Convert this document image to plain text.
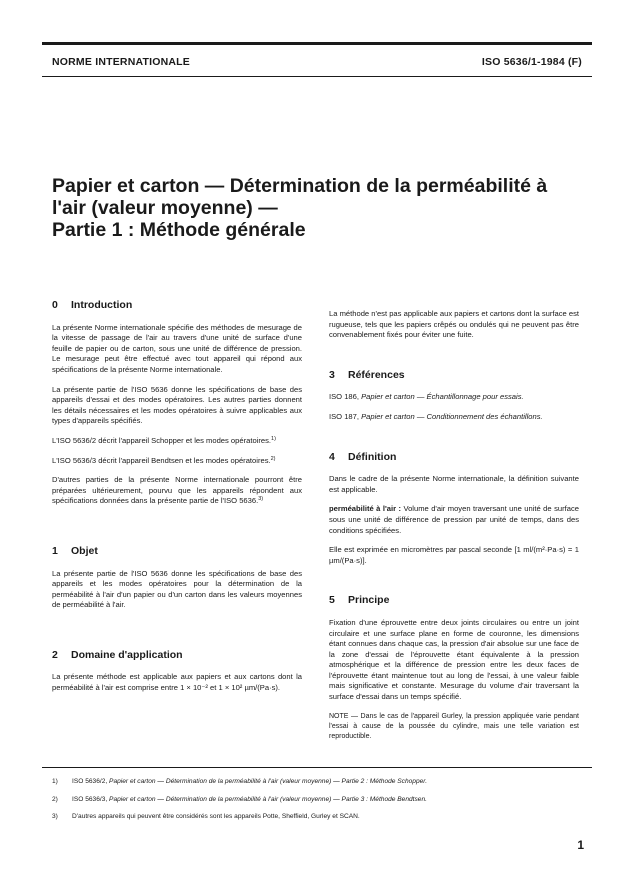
NORME INTERNATIONALE	ISO 5636/1-1984 (F)
Papier et carton — Détermination de la perméabilité à
l'air (valeur moyenne) —
Partie 1 : Méthode générale
0 Introduction

La présente Norme internationale spécifie des méthodes de mesurage de la vitesse de passage de l'air au travers d'une unité de surface d'une feuille de papier ou de carton, sous une unité de différence de pression. Le mesurage peut être effectué avec tout appareil qui répond aux spécifications de la présente Norme internationale.

La présente partie de l'ISO 5636 donne les spécifications de base des appareils d'essai et des modes opératoires. Les autres parties donnent les détails nécessaires et les modes opératoires à suivre applicables aux types d'appareils spécifiés.

L'ISO 5636/2 décrit l'appareil Schopper et les modes opératoires.$^{1)}$

L'ISO 5636/3 décrit l'appareil Bendtsen et les modes opératoires.$^{2)}$

D'autres parties de la présente Norme internationale pourront être préparées ultérieurement, pourvu que les appareils répondent aux spécifications données dans la présente partie de l'ISO 5636.$^{3)}$

1 Objet

La présente partie de l'ISO 5636 donne les spécifications de base des appareils et les modes opératoires pour la détermination de la perméabilité à l'air d'un papier ou d'un carton dans les valeurs moyennes de perméabilité à l'air.

2 Domaine d'application

La présente méthode est applicable aux papiers et aux cartons dont la perméabilité à l'air est comprise entre 1 × 10⁻² et 1 × 10² µm/(Pa·s).

La méthode n'est pas applicable aux papiers et cartons dont la surface est rugueuse, tels que les papiers crêpés ou ondulés qui ne peuvent pas être convenablement fixés pour éviter une fuite.

3 Références

ISO 186, Papier et carton — Échantillonnage pour essais.

ISO 187, Papier et carton — Conditionnement des échantillons.

4 Définition

Dans le cadre de la présente Norme internationale, la définition suivante est applicable.

perméabilité à l'air : Volume d'air moyen traversant une unité de surface sous une unité de différence de pression par unité de temps, dans des conditions spécifiées.

Elle est exprimée en micromètres par pascal seconde [1 ml/(m²·Pa·s) = 1 µm/(Pa·s)].

5 Principe

Fixation d'une éprouvette entre deux joints circulaires ou entre un joint circulaire et une surface plane en forme de couronne, les dimensions étant connues dans chaque cas, la pression d'air absolue sur une face de la zone d'essai de l'éprouvette étant équivalente à la pression atmosphérique et la différence de pression entre les deux faces de l'éprouvette étant maintenue tout au long de l'essai, à une valeur faible mais significative et constante. Mesurage du volume d'air traversant la surface d'essai dans un temps spécifié.

NOTE — Dans le cas de l'appareil Gurley, la pression appliquée varie pendant l'essai à cause de la poussée du cylindre, mais une telle variation est reproductible.

1) ISO 5636/2, Papier et carton — Détermination de la perméabilité à l'air (valeur moyenne) — Partie 2 : Méthode Schopper.
2) ISO 5636/3, Papier et carton — Détermination de la perméabilité à l'air (valeur moyenne) — Partie 3 : Méthode Bendtsen.
3) D'autres appareils qui peuvent être considérés sont les appareils Potte, Sheffield, Gurley et SCAN.
1
